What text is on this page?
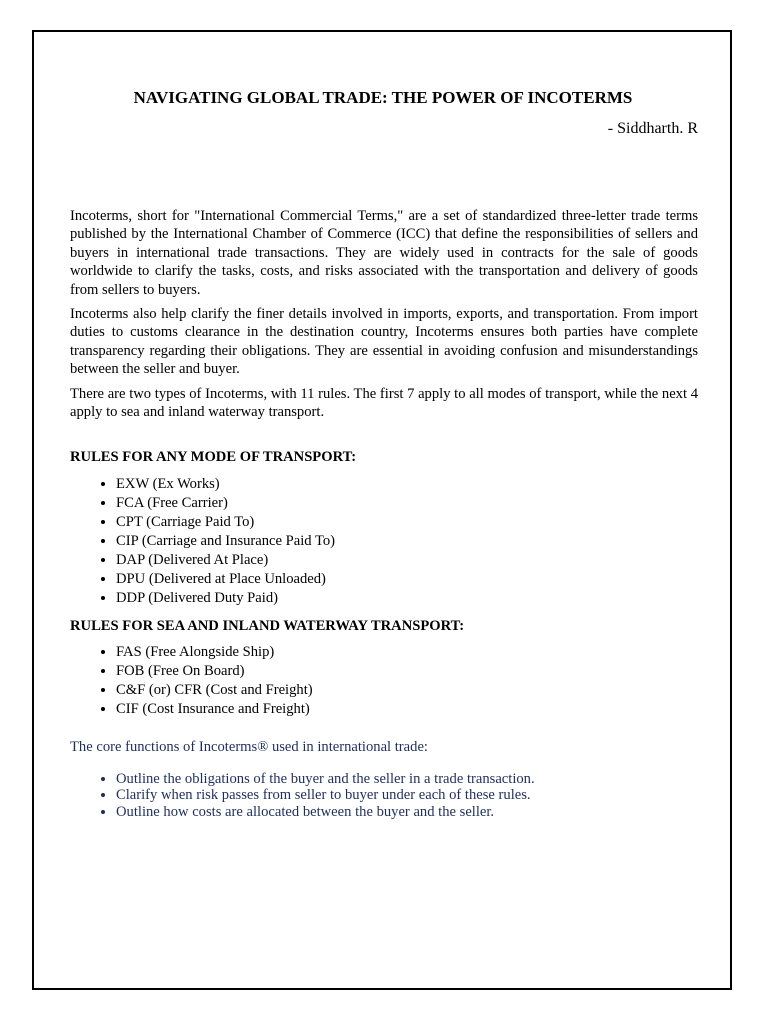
NAVIGATING GLOBAL TRADE: THE POWER OF INCOTERMS

- Siddharth. R

Incoterms, short for "International Commercial Terms," are a set of standardized three-letter trade terms published by the International Chamber of Commerce (ICC) that define the responsibilities of sellers and buyers in international trade transactions. They are widely used in contracts for the sale of goods worldwide to clarify the tasks, costs, and risks associated with the transportation and delivery of goods from sellers to buyers.

Incoterms also help clarify the finer details involved in imports, exports, and transportation. From import duties to customs clearance in the destination country, Incoterms ensures both parties have complete transparency regarding their obligations. They are essential in avoiding confusion and misunderstandings between the seller and buyer.

There are two types of Incoterms, with 11 rules. The first 7 apply to all modes of transport, while the next 4 apply to sea and inland waterway transport.

RULES FOR ANY MODE OF TRANSPORT:

• EXW (Ex Works)
• FCA (Free Carrier)
• CPT (Carriage Paid To)
• CIP (Carriage and Insurance Paid To)
• DAP (Delivered At Place)
• DPU (Delivered at Place Unloaded)
• DDP (Delivered Duty Paid)

RULES FOR SEA AND INLAND WATERWAY TRANSPORT:

• FAS (Free Alongside Ship)
• FOB (Free On Board)
• C&F (or) CFR (Cost and Freight)
• CIF (Cost Insurance and Freight)

The core functions of Incoterms® used in international trade:

• Outline the obligations of the buyer and the seller in a trade transaction.
• Clarify when risk passes from seller to buyer under each of these rules.
• Outline how costs are allocated between the buyer and the seller.
